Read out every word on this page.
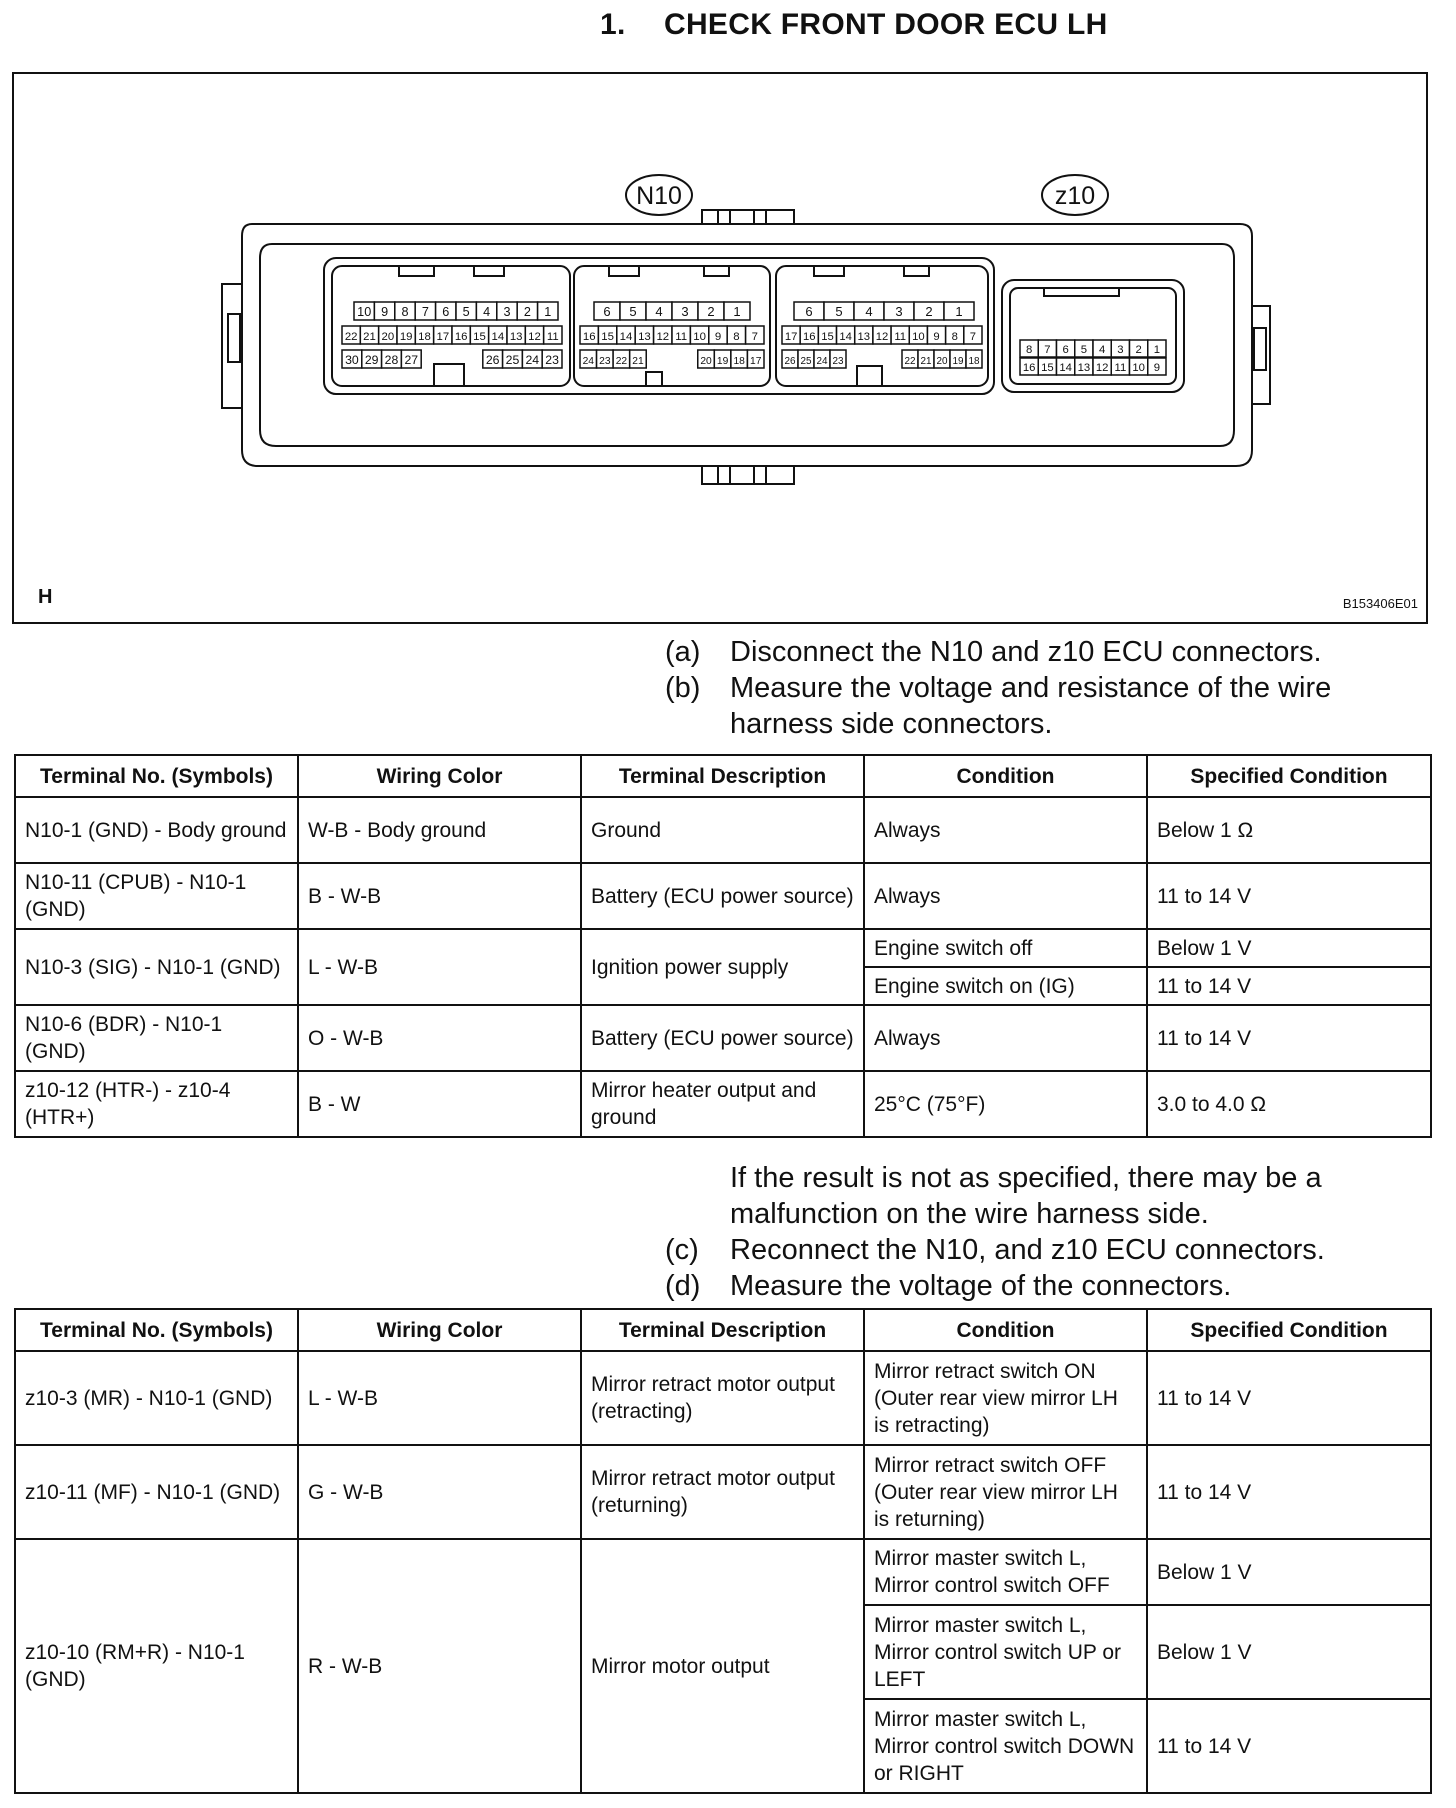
1. CHECK FRONT DOOR ECU LH
N10	z10
10 9 8 7 6 5 4 3 2 1
22 21 20 19 18 17 16 15 14 13 12 11
30 29 28 27	26 25 24 23
6 5 4 3 2 1
16 15 14 13 12 11 10 9 8 7
24 23 22 21	20 19 18 17
6 5 4 3 2 1
17 16 15 14 13 12 11 10 9 8 7
26 25 24 23	22 21 20 19 18
8 7 6 5 4 3 2 1
16 15 14 13 12 11 10 9
H	B153406E01
(a)	Disconnect the N10 and z10 ECU connectors.
(b)	Measure the voltage and resistance of the wire harness side connectors.
Terminal No. (Symbols)	Wiring Color	Terminal Description	Condition	Specified Condition
N10-1 (GND) - Body ground	W-B - Body ground	Ground	Always	Below 1 Ω
N10-11 (CPUB) - N10-1 (GND)	B - W-B	Battery (ECU power source)	Always	11 to 14 V
N10-3 (SIG) - N10-1 (GND)	L - W-B	Ignition power supply	Engine switch off	Below 1 V
			Engine switch on (IG)	11 to 14 V
N10-6 (BDR) - N10-1 (GND)	O - W-B	Battery (ECU power source)	Always	11 to 14 V
z10-12 (HTR-) - z10-4 (HTR+)	B - W	Mirror heater output and ground	25°C (75°F)	3.0 to 4.0 Ω
If the result is not as specified, there may be a malfunction on the wire harness side.
(c)	Reconnect the N10, and z10 ECU connectors.
(d)	Measure the voltage of the connectors.
Terminal No. (Symbols)	Wiring Color	Terminal Description	Condition	Specified Condition
z10-3 (MR) - N10-1 (GND)	L - W-B	Mirror retract motor output (retracting)	Mirror retract switch ON (Outer rear view mirror LH is retracting)	11 to 14 V
z10-11 (MF) - N10-1 (GND)	G - W-B	Mirror retract motor output (returning)	Mirror retract switch OFF (Outer rear view mirror LH is returning)	11 to 14 V
z10-10 (RM+R) - N10-1 (GND)	R - W-B	Mirror motor output	Mirror master switch L, Mirror control switch OFF	Below 1 V
			Mirror master switch L, Mirror control switch UP or LEFT	Below 1 V
			Mirror master switch L, Mirror control switch DOWN or RIGHT	11 to 14 V
